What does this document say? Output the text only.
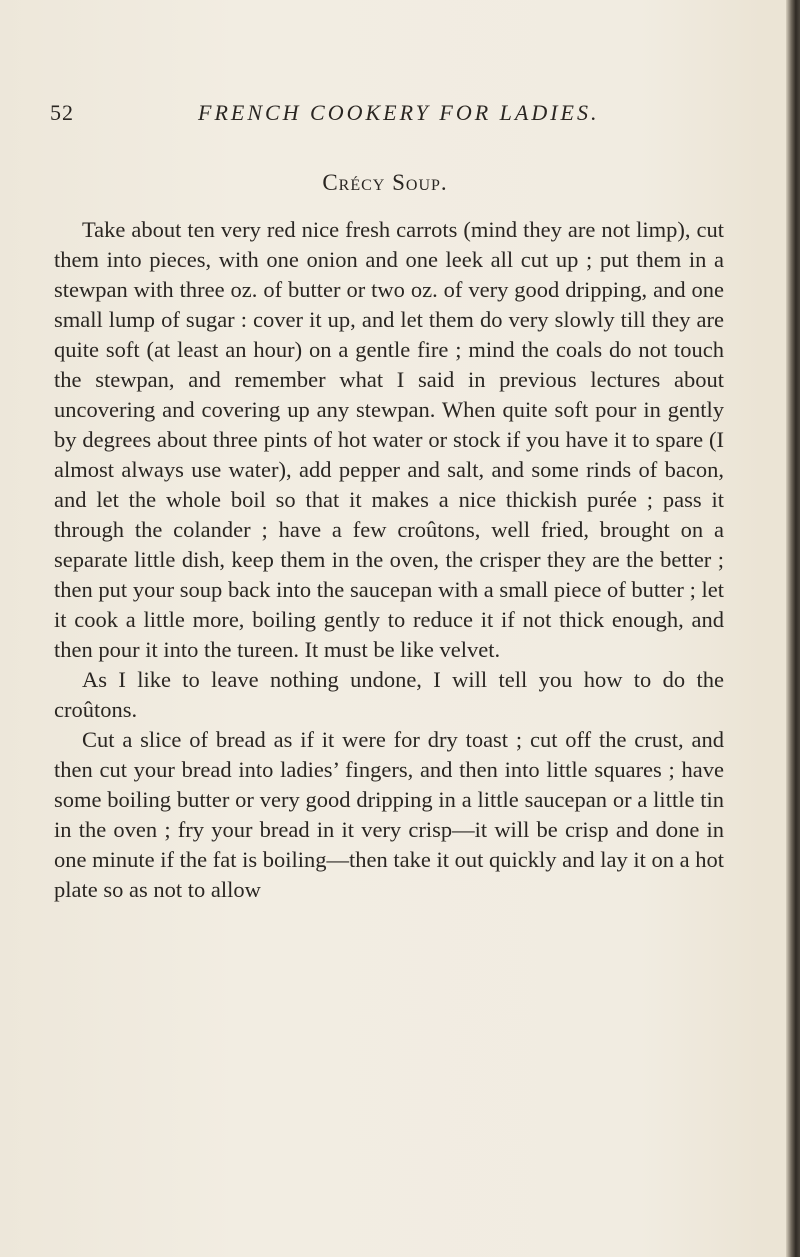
52	FRENCH COOKERY FOR LADIES.
Crécy Soup.

Take about ten very red nice fresh carrots (mind they are not limp), cut them into pieces, with one onion and one leek all cut up ; put them in a stewpan with three oz. of butter or two oz. of very good dripping, and one small lump of sugar : cover it up, and let them do very slowly till they are quite soft (at least an hour) on a gentle fire ; mind the coals do not touch the stewpan, and remember what I said in previous lectures about uncovering and covering up any stewpan. When quite soft pour in gently by degrees about three pints of hot water or stock if you have it to spare (I almost always use water), add pepper and salt, and some rinds of bacon, and let the whole boil so that it makes a nice thickish purée ; pass it through the colander ; have a few croûtons, well fried, brought on a separate little dish, keep them in the oven, the crisper they are the better ; then put your soup back into the saucepan with a small piece of butter ; let it cook a little more, boiling gently to reduce it if not thick enough, and then pour it into the tureen. It must be like velvet.

As I like to leave nothing undone, I will tell you how to do the croûtons.

Cut a slice of bread as if it were for dry toast ; cut off the crust, and then cut your bread into ladies’ fingers, and then into little squares ; have some boiling butter or very good dripping in a little saucepan or a little tin in the oven ; fry your bread in it very crisp—it will be crisp and done in one minute if the fat is boiling—then take it out quickly and lay it on a hot plate so as not to allow
